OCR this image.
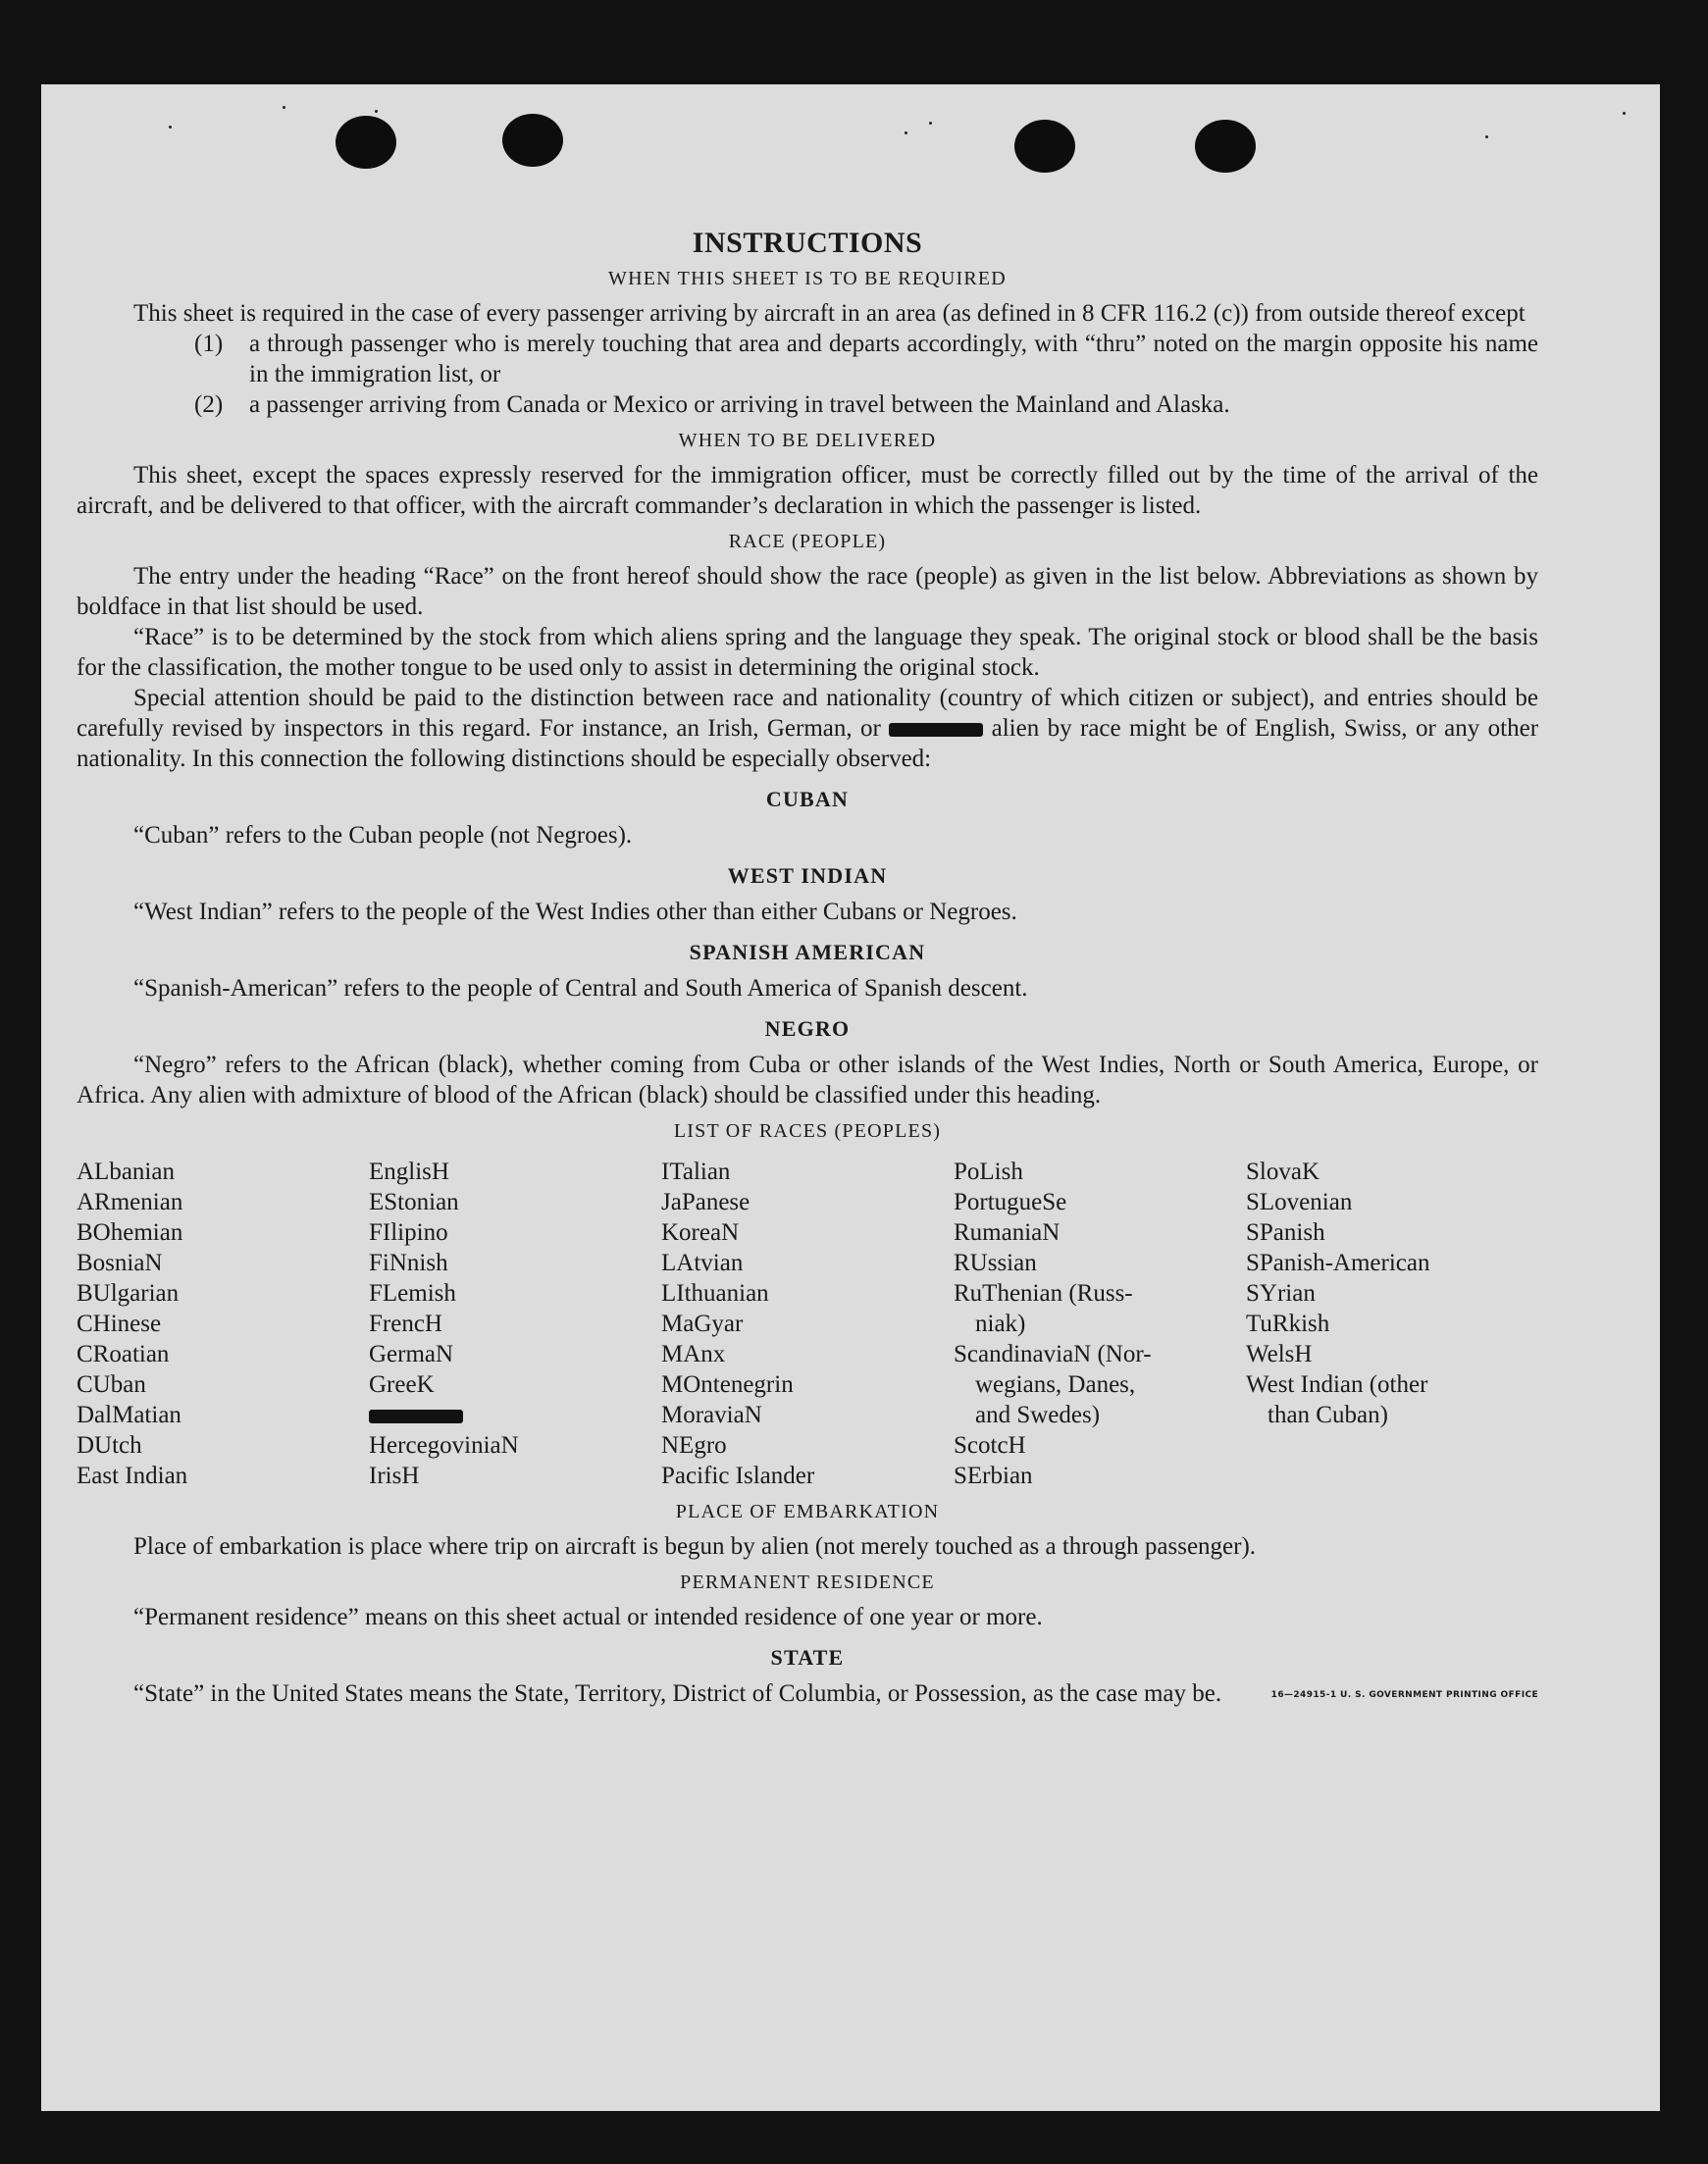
INSTRUCTIONS
WHEN THIS SHEET IS TO BE REQUIRED

This sheet is required in the case of every passenger arriving by aircraft in an area (as defined in 8 CFR 116.2 (c)) from outside thereof except

(1)	a through passenger who is merely touching that area and departs accordingly, with “thru” noted on the margin opposite his name in the immigration list, or
(2)	a passenger arriving from Canada or Mexico or arriving in travel between the Mainland and Alaska.
WHEN TO BE DELIVERED

This sheet, except the spaces expressly reserved for the immigration officer, must be correctly filled out by the time of the arrival of the aircraft, and be delivered to that officer, with the aircraft commander’s declaration in which the passenger is listed.

RACE (PEOPLE)

The entry under the heading “Race” on the front hereof should show the race (people) as given in the list below. Abbreviations as shown by boldface in that list should be used.

“Race” is to be determined by the stock from which aliens spring and the language they speak. The original stock or blood shall be the basis for the classification, the mother tongue to be used only to assist in determining the original stock.

Special attention should be paid to the distinction between race and nationality (country of which citizen or subject), and entries should be carefully revised by inspectors in this regard. For instance, an Irish, German, or	alien by race might be of English, Swiss, or any other nationality. In this connection the following distinctions should be especially observed:

CUBAN

“Cuban” refers to the Cuban people (not Negroes).

WEST INDIAN

“West Indian” refers to the people of the West Indies other than either Cubans or Negroes.

SPANISH AMERICAN

“Spanish-American” refers to the people of Central and South America of Spanish descent.

NEGRO

“Negro” refers to the African (black), whether coming from Cuba or other islands of the West Indies, North or South America, Europe, or Africa. Any alien with admixture of blood of the African (black) should be classified under this heading.

LIST OF RACES (PEOPLES)
ALbanian
ARmenian
BOhemian
BosniaN
BUlgarian
CHinese
CRoatian
CUban
DalMatian
DUtch
East Indian
EnglisH
EStonian
FIlipino
FiNnish
FLemish
FrencH
GermaN
GreeK
HercegoviniaN
IrisH
ITalian
JaPanese
KoreaN
LAtvian
LIthuanian
MaGyar
MAnx
MOntenegrin
MoraviaN
NEgro
Pacific Islander
PoLish
PortugueSe
RumaniaN
RUssian
RuThenian (Russ-
niak)
ScandinaviaN (Nor-
wegians, Danes,
and Swedes)
ScotcH
SErbian
SlovaK
SLovenian
SPanish
SPanish-American
SYrian
TuRkish
WelsH
West Indian (other
than Cuban)
PLACE OF EMBARKATION

Place of embarkation is place where trip on aircraft is begun by alien (not merely touched as a through passenger).

PERMANENT RESIDENCE

“Permanent residence” means on this sheet actual or intended residence of one year or more.

STATE

“State” in the United States means the State, Territory, District of Columbia, or Possession, as the case may be.	16—24915-1 U. S. GOVERNMENT PRINTING OFFICE
